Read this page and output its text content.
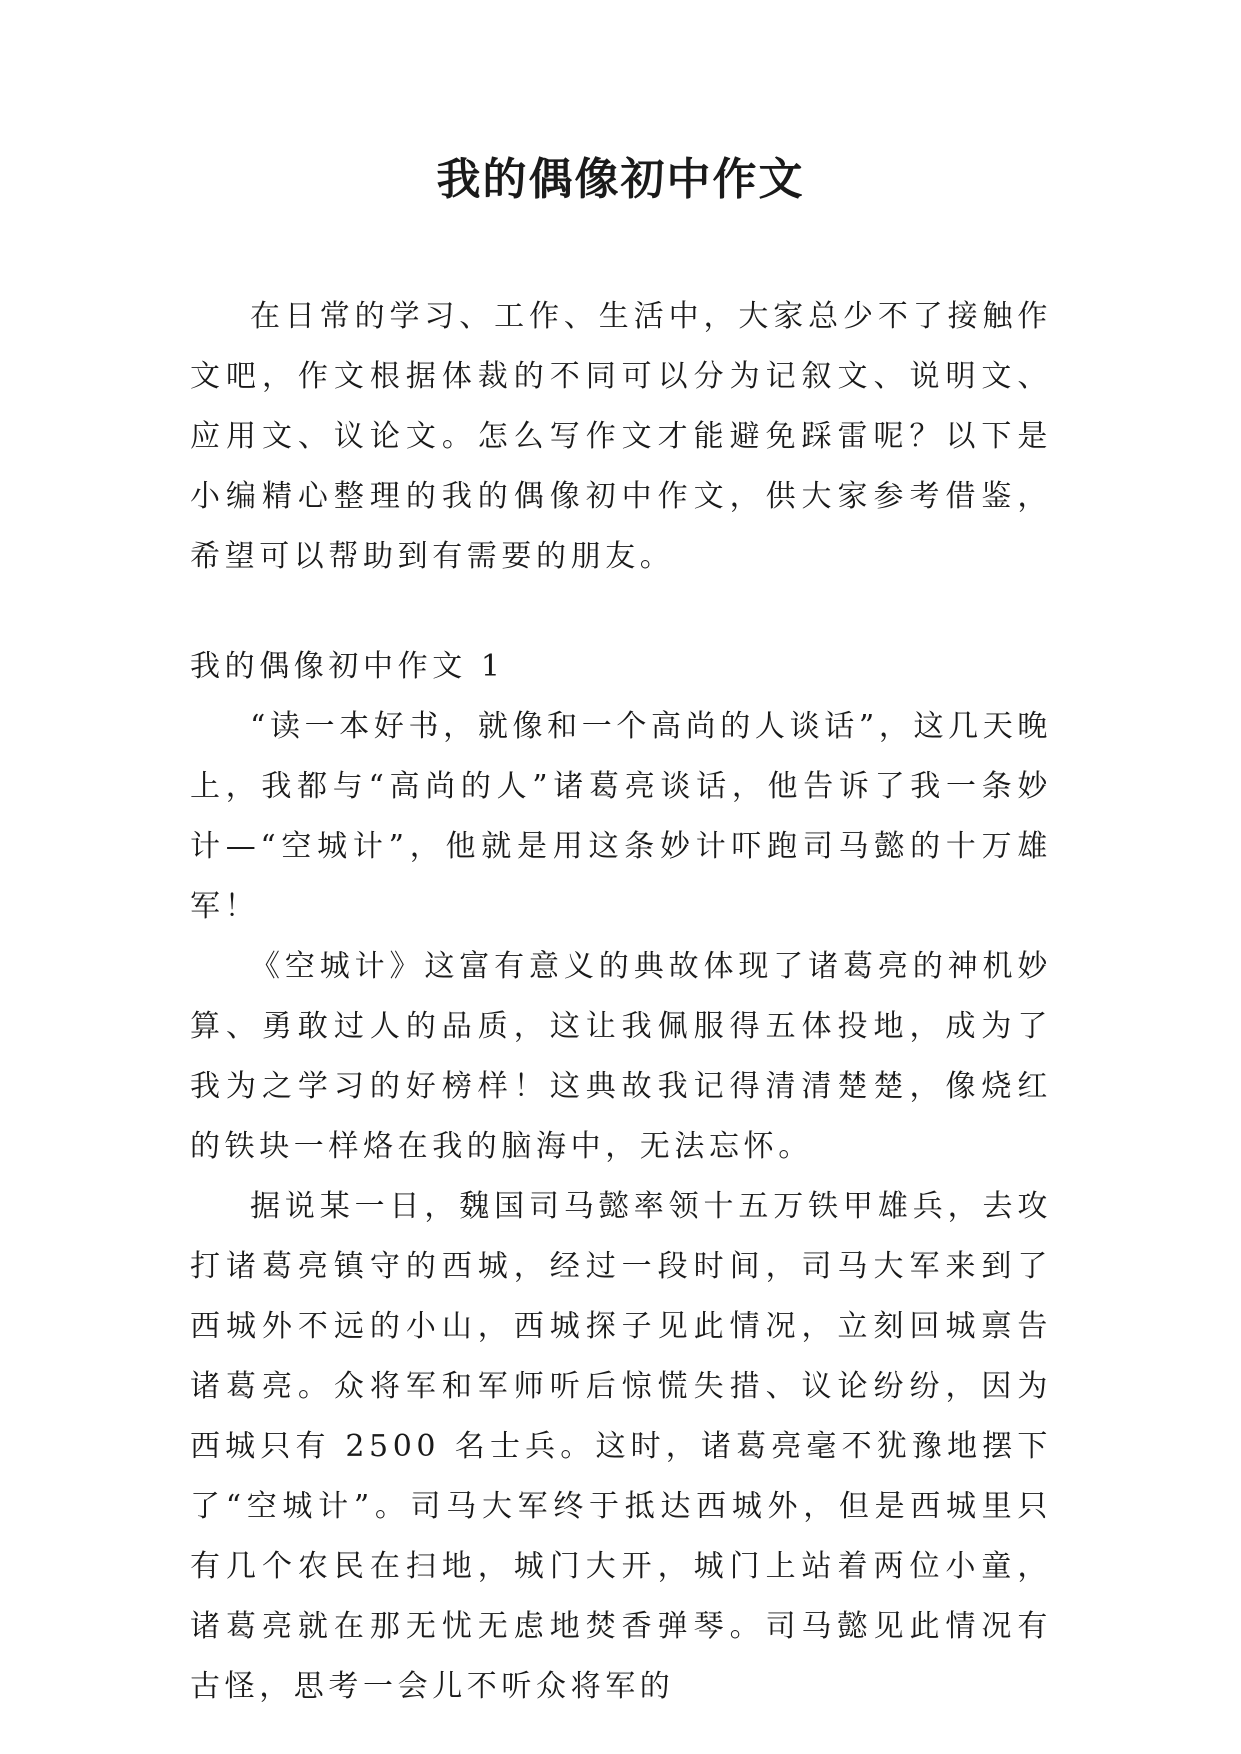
我的偶像初中作文

在日常的学习、工作、生活中，大家总少不了接触作文吧，作文根据体裁的不同可以分为记叙文、说明文、应用文、议论文。怎么写作文才能避免踩雷呢？以下是小编精心整理的我的偶像初中作文，供大家参考借鉴，希望可以帮助到有需要的朋友。

我的偶像初中作文 1

“读一本好书，就像和一个高尚的人谈话”，这几天晚上，我都与“高尚的人”诸葛亮谈话，他告诉了我一条妙计—“空城计”，他就是用这条妙计吓跑司马懿的十万雄军！

《空城计》这富有意义的典故体现了诸葛亮的神机妙算、勇敢过人的品质，这让我佩服得五体投地，成为了我为之学习的好榜样！这典故我记得清清楚楚，像烧红的铁块一样烙在我的脑海中，无法忘怀。

据说某一日，魏国司马懿率领十五万铁甲雄兵，去攻打诸葛亮镇守的西城，经过一段时间，司马大军来到了西城外不远的小山，西城探子见此情况，立刻回城禀告诸葛亮。众将军和军师听后惊慌失措、议论纷纷，因为西城只有 2500 名士兵。这时，诸葛亮毫不犹豫地摆下了“空城计”。司马大军终于抵达西城外，但是西城里只有几个农民在扫地，城门大开，城门上站着两位小童，诸葛亮就在那无忧无虑地焚香弹琴。司马懿见此情况有古怪，思考一会儿不听众将军的
